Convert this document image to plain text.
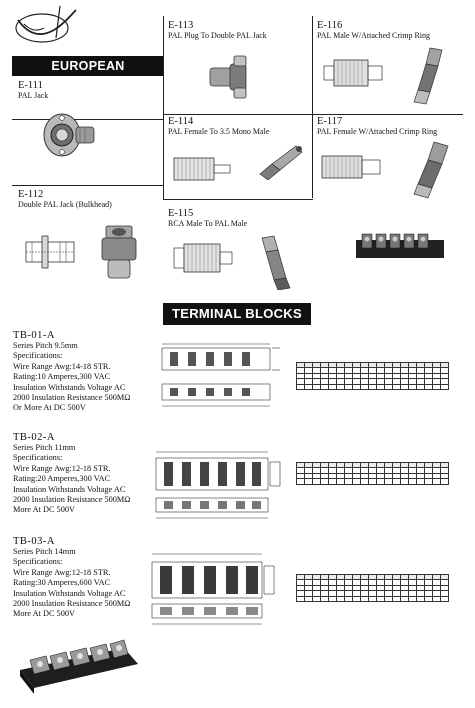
EUROPEAN CONNECTORS
E-111
PAL Jack
E-112
Double PAL Jack (Bulkhead)
E-113
PAL Plug To Double PAL Jack
E-114
PAL Female To 3.5 Mono Male
E-115
RCA Male To PAL Male
E-116
PAL Male W/Attached Crimp Ring
E-117
PAL Female W/Attached Crimp Ring
TERMINAL BLOCKS
TB-01-A
Series Pitch 9.5mm
Specifications:
Wire Range Awg:14-18 STR.
Rating:10 Amperes,300 VAC
Insulation Withstands Voltage AC
2000 Insulation Resistance 500MΩ
Or More At DC 500V
TB-02-A
Series Pitch 11mm
Specifications:
Wire Range Awg:12-18 STR.
Rating:20 Amperes,300 VAC
Insulation Withstands Voltage AC
2000 Insulation Resistance 500MΩ
More At DC 500V
TB-03-A
Series Pitch 14mm
Specifications:
Wire Range Awg:12-18 STR.
Rating:30 Amperes,600 VAC
Insulation Withstands Voltage AC
2000 Insulation Resistance 500MΩ
More At DC 500V
